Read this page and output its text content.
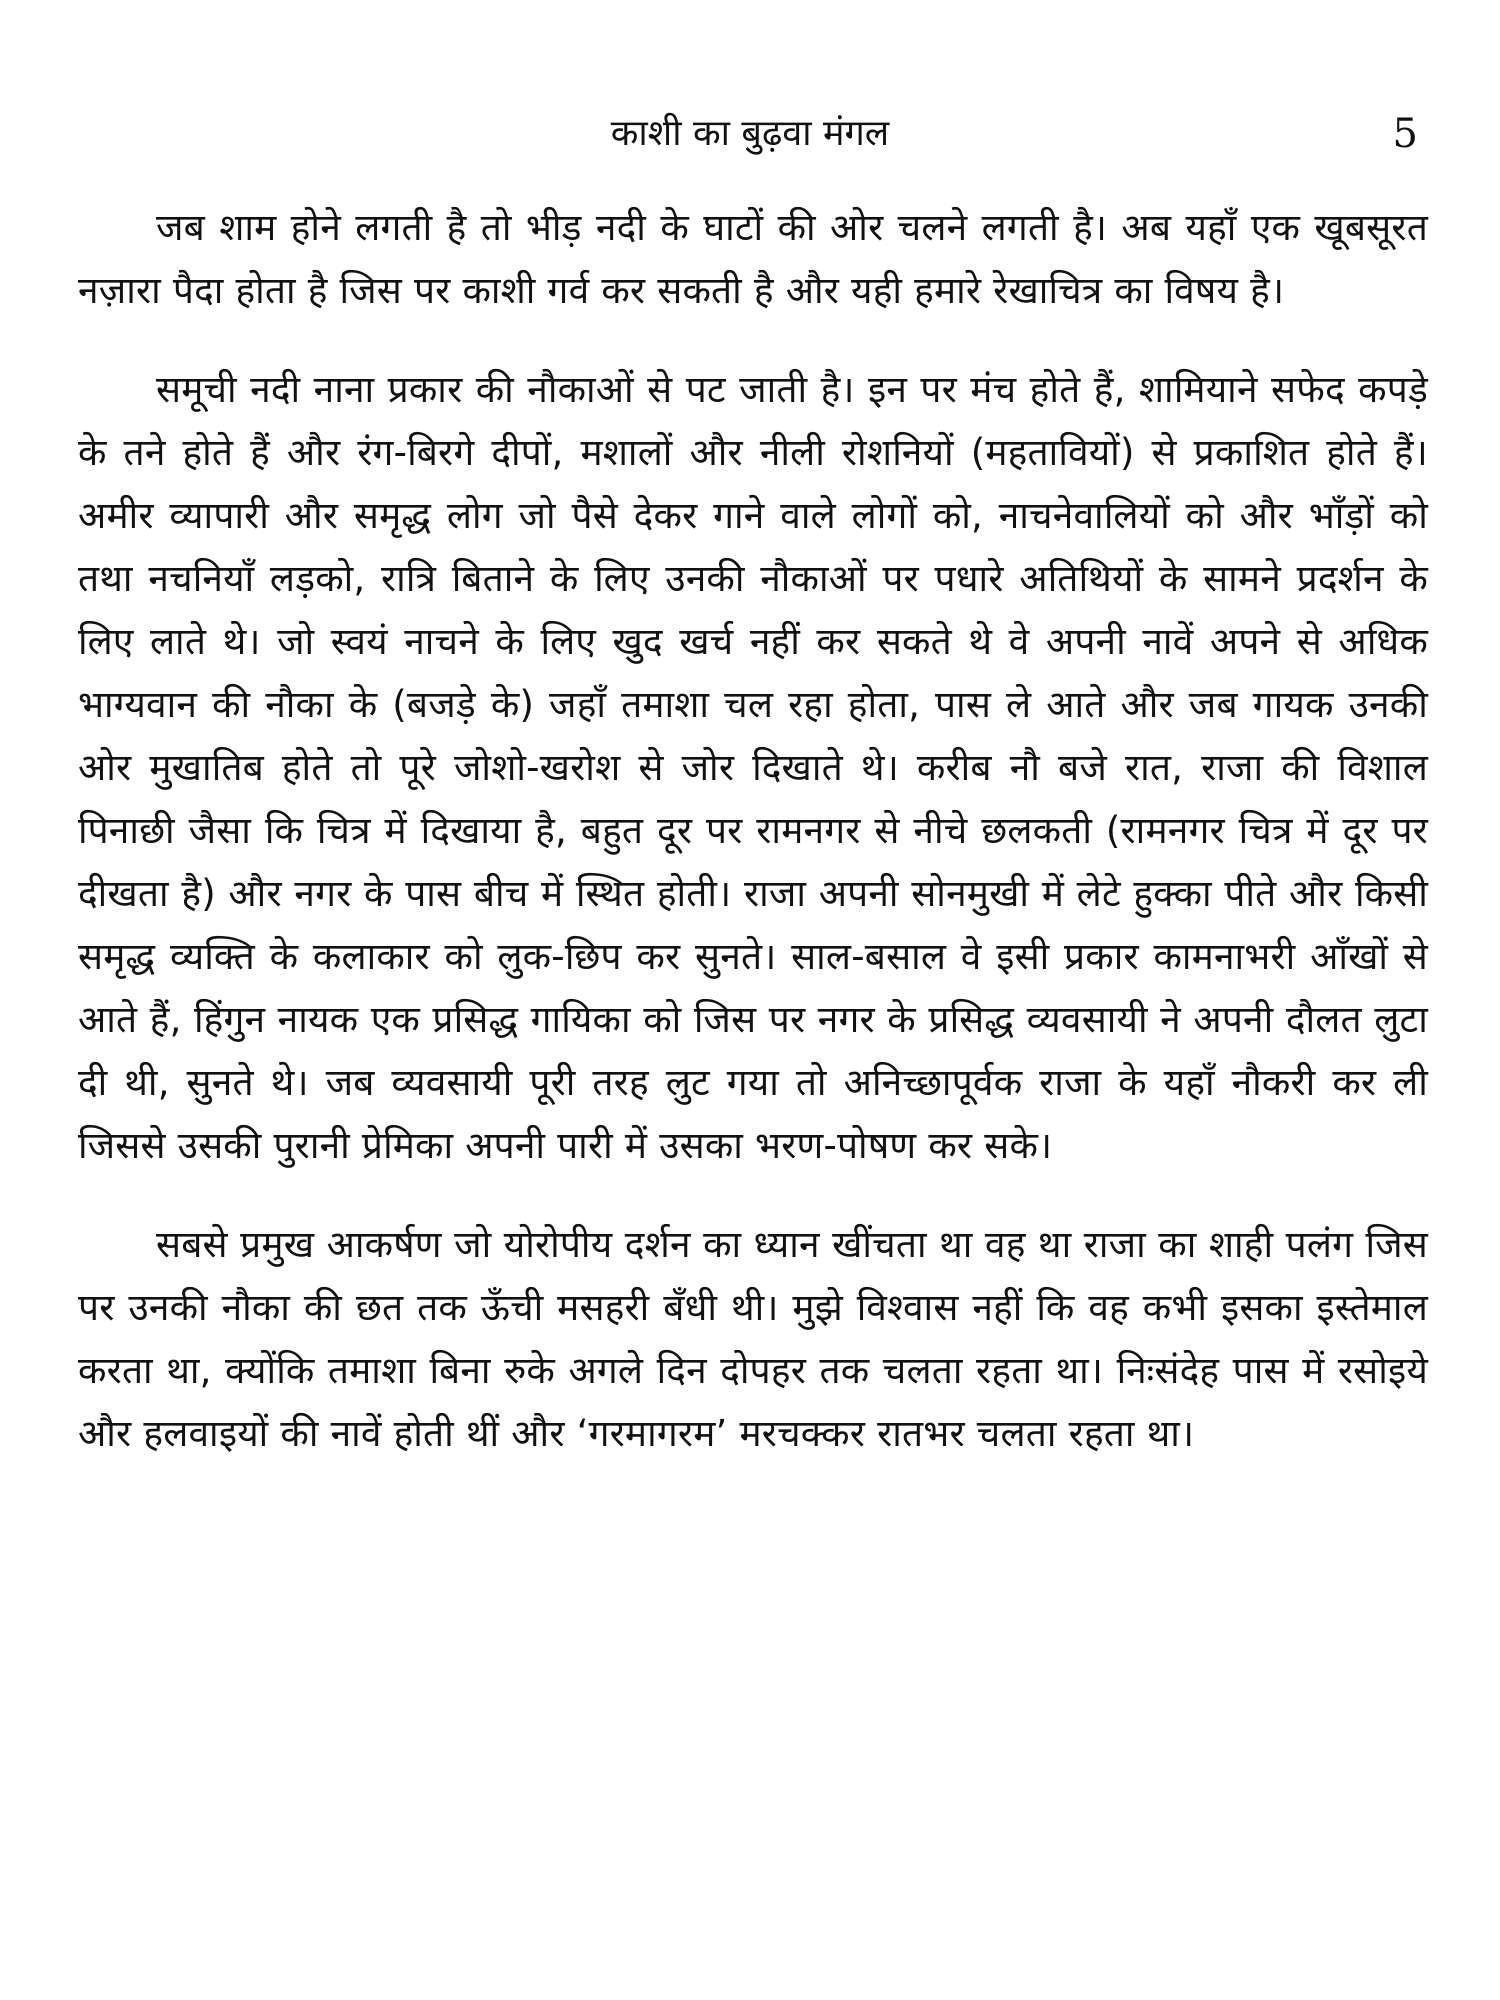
काशी का बुढ़वा मंगल	5

जब शाम होने लगती है तो भीड़ नदी के घाटों की ओर चलने लगती है। अब यहाँ एक खूबसूरत नज़ारा पैदा होता है जिस पर काशी गर्व कर सकती है और यही हमारे रेखाचित्र का विषय है।

समूची नदी नाना प्रकार की नौकाओं से पट जाती है। इन पर मंच होते हैं, शामियाने सफेद कपड़े के तने होते हैं और रंग-बिरगे दीपों, मशालों और नीली रोशनियों (महतावियों) से प्रकाशित होते हैं। अमीर व्यापारी और समृद्ध लोग जो पैसे देकर गाने वाले लोगों को, नाचनेवालियों को और भाँड़ों को तथा नचनियाँ लड़को, रात्रि बिताने के लिए उनकी नौकाओं पर पधारे अतिथियों के सामने प्रदर्शन के लिए लाते थे। जो स्वयं नाचने के लिए खुद खर्च नहीं कर सकते थे वे अपनी नावें अपने से अधिक भाग्यवान की नौका के (बजड़े के) जहाँ तमाशा चल रहा होता, पास ले आते और जब गायक उनकी ओर मुखातिब होते तो पूरे जोशो-खरोश से जोर दिखाते थे। करीब नौ बजे रात, राजा की विशाल पिनाछी जैसा कि चित्र में दिखाया है, बहुत दूर पर रामनगर से नीचे छलकती (रामनगर चित्र में दूर पर दीखता है) और नगर के पास बीच में स्थित होती। राजा अपनी सोनमुखी में लेटे हुक्का पीते और किसी समृद्ध व्यक्ति के कलाकार को लुक-छिप कर सुनते। साल-बसाल वे इसी प्रकार कामनाभरी आँखों से आते हैं, हिंगुन नायक एक प्रसिद्ध गायिका को जिस पर नगर के प्रसिद्ध व्यवसायी ने अपनी दौलत लुटा दी थी, सुनते थे। जब व्यवसायी पूरी तरह लुट गया तो अनिच्छापूर्वक राजा के यहाँ नौकरी कर ली जिससे उसकी पुरानी प्रेमिका अपनी पारी में उसका भरण-पोषण कर सके।

सबसे प्रमुख आकर्षण जो योरोपीय दर्शन का ध्यान खींचता था वह था राजा का शाही पलंग जिस पर उनकी नौका की छत तक ऊँची मसहरी बँधी थी। मुझे विश्वास नहीं कि वह कभी इसका इस्तेमाल करता था, क्योंकि तमाशा बिना रुके अगले दिन दोपहर तक चलता रहता था। निःसंदेह पास में रसोइये और हलवाइयों की नावें होती थीं और ‘गरमागरम’ मरचक्कर रातभर चलता रहता था।
